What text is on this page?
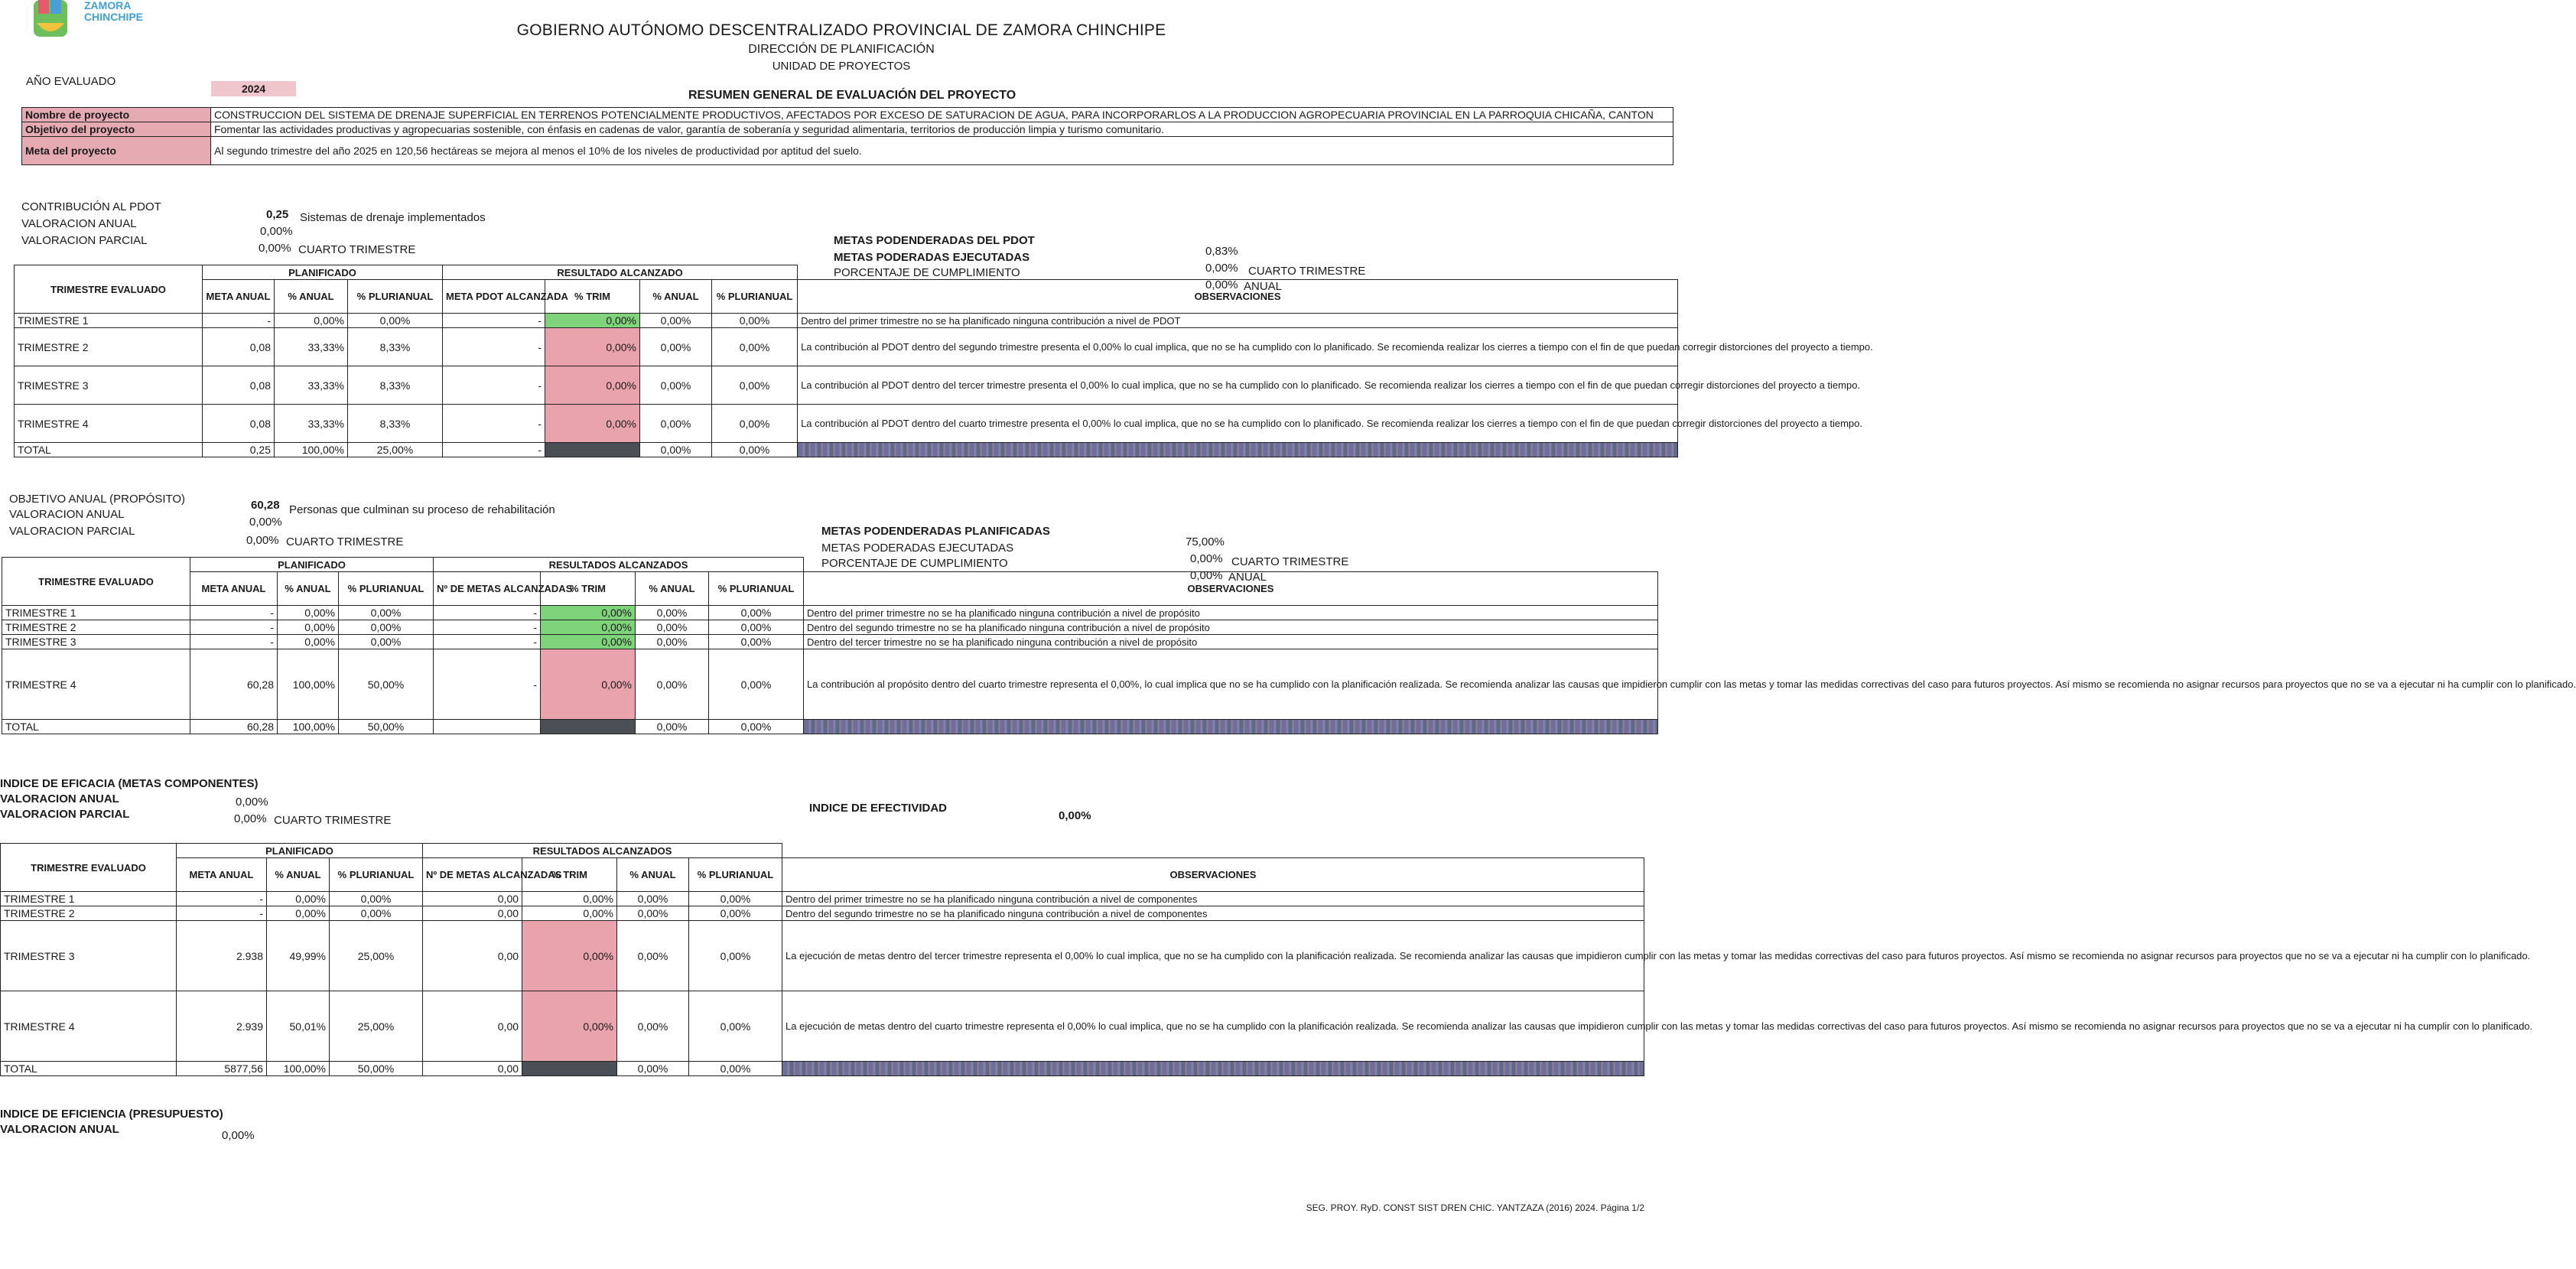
ZAMORA CHINCHIPE
GOBIERNO AUTÓNOMO DESCENTRALIZADO PROVINCIAL DE ZAMORA CHINCHIPE
DIRECCIÓN DE PLANIFICACIÓN
UNIDAD DE PROYECTOS
AÑO EVALUADO
2024	RESUMEN GENERAL DE EVALUACIÓN DEL PROYECTO
Nombre de proyecto	CONSTRUCCION DEL SISTEMA DE DRENAJE SUPERFICIAL EN TERRENOS POTENCIALMENTE PRODUCTIVOS, AFECTADOS POR EXCESO DE SATURACION DE AGUA, PARA INCORPORARLOS A LA PRODUCCION AGROPECUARIA PROVINCIAL EN LA PARROQUIA CHICAÑA, CANTON
Objetivo del proyecto	Fomentar las actividades productivas y agropecuarias sostenible, con énfasis en cadenas de valor, garantía de soberanía y seguridad alimentaria, territorios de producción limpia y turismo comunitario.
Meta del proyecto	Al segundo trimestre del año 2025 en 120,56 hectáreas se mejora al menos el 10% de los niveles de productividad por aptitud del suelo.
CONTRIBUCIÓN AL PDOT
VALORACION ANUAL
VALORACION PARCIAL
0,25 Sistemas de drenaje implementados
0,00%
0,00% CUARTO TRIMESTRE
METAS PODENDERADAS DEL PDOT
METAS PODERADAS EJECUTADAS
PORCENTAJE DE CUMPLIMIENTO
0,83%
0,00% CUARTO TRIMESTRE
0,00% ANUAL
TRIMESTRE EVALUADO	PLANIFICADO			RESULTADO ALCANZADO				
	META ANUAL	% ANUAL	% PLURIANUAL	META PDOT ALCANZADA	% TRIM	% ANUAL	% PLURIANUAL	OBSERVACIONES
TRIMESTRE 1	-	0,00%	0,00%	-	0,00%	0,00%	0,00%	Dentro del primer trimestre no se ha planificado ninguna contribución a nivel de PDOT
TRIMESTRE 2	0,08	33,33%	8,33%	-	0,00%	0,00%	0,00%	La contribución al PDOT dentro del segundo trimestre presenta el 0,00% lo cual implica, que no se ha cumplido con lo planificado. Se recomienda realizar los cierres a tiempo con el fin de que puedan corregir distorciones del proyecto a tiempo.
TRIMESTRE 3	0,08	33,33%	8,33%	-	0,00%	0,00%	0,00%	La contribución al PDOT dentro del tercer trimestre presenta el 0,00% lo cual implica, que no se ha cumplido con lo planificado. Se recomienda realizar los cierres a tiempo con el fin de que puedan corregir distorciones del proyecto a tiempo.
TRIMESTRE 4	0,08	33,33%	8,33%	-	0,00%	0,00%	0,00%	La contribución al PDOT dentro del cuarto trimestre presenta el 0,00% lo cual implica, que no se ha cumplido con lo planificado. Se recomienda realizar los cierres a tiempo con el fin de que puedan corregir distorciones del proyecto a tiempo.
TOTAL	0,25	100,00%	25,00%	-		0,00%	0,00%	
OBJETIVO ANUAL (PROPÓSITO)
VALORACION ANUAL
VALORACION PARCIAL
60,28 Personas que culminan su proceso de rehabilitación
0,00%
0,00% CUARTO TRIMESTRE
METAS PODENDERADAS PLANIFICADAS
METAS PODERADAS EJECUTADAS
PORCENTAJE DE CUMPLIMIENTO
75,00%
0,00% CUARTO TRIMESTRE
0,00% ANUAL
TRIMESTRE EVALUADO	PLANIFICADO			RESULTADOS ALCANZADOS				
	META ANUAL	% ANUAL	% PLURIANUAL	Nº DE METAS ALCANZADAS	% TRIM	% ANUAL	% PLURIANUAL	OBSERVACIONES
TRIMESTRE 1	-	0,00%	0,00%	-	0,00%	0,00%	0,00%	Dentro del primer trimestre no se ha planificado ninguna contribución a nivel de propósito
TRIMESTRE 2	-	0,00%	0,00%	-	0,00%	0,00%	0,00%	Dentro del segundo trimestre no se ha planificado ninguna contribución a nivel de propósito
TRIMESTRE 3	-	0,00%	0,00%	-	0,00%	0,00%	0,00%	Dentro del tercer trimestre no se ha planificado ninguna contribución a nivel de propósito
TRIMESTRE 4	60,28	100,00%	50,00%	-	0,00%	0,00%	0,00%	La contribución al propósito dentro del cuarto trimestre representa el 0,00%, lo cual implica que no se ha cumplido con la planificación realizada. Se recomienda analizar las causas que impidieron cumplir con las metas y tomar las medidas correctivas del caso para futuros proyectos. Así mismo se recomienda no asignar recursos para proyectos que no se va a ejecutar ni ha cumplir con lo planificado.
TOTAL	60,28	100,00%	50,00%			0,00%	0,00%	
INDICE DE EFICACIA (METAS COMPONENTES)
VALORACION ANUAL
VALORACION PARCIAL
0,00%
0,00% CUARTO TRIMESTRE
INDICE DE EFECTIVIDAD
0,00%
TRIMESTRE EVALUADO	PLANIFICADO			RESULTADOS ALCANZADOS				
	META ANUAL	% ANUAL	% PLURIANUAL	Nº DE METAS ALCANZADAS	% TRIM	% ANUAL	% PLURIANUAL	OBSERVACIONES
TRIMESTRE 1	-	0,00%	0,00%	0,00	0,00%	0,00%	0,00%	Dentro del primer trimestre no se ha planificado ninguna contribución a nivel de componentes
TRIMESTRE 2	-	0,00%	0,00%	0,00	0,00%	0,00%	0,00%	Dentro del segundo trimestre no se ha planificado ninguna contribución a nivel de componentes
TRIMESTRE 3	2.938	49,99%	25,00%	0,00	0,00%	0,00%	0,00%	La ejecución de metas dentro del tercer trimestre representa el 0,00% lo cual implica, que no se ha cumplido con la planificación realizada. Se recomienda analizar las causas que impidieron cumplir con las metas y tomar las medidas correctivas del caso para futuros proyectos. Así mismo se recomienda no asignar recursos para proyectos que no se va a ejecutar ni ha cumplir con lo planificado.
TRIMESTRE 4	2.939	50,01%	25,00%	0,00	0,00%	0,00%	0,00%	La ejecución de metas dentro del cuarto trimestre representa el 0,00% lo cual implica, que no se ha cumplido con la planificación realizada. Se recomienda analizar las causas que impidieron cumplir con las metas y tomar las medidas correctivas del caso para futuros proyectos. Así mismo se recomienda no asignar recursos para proyectos que no se va a ejecutar ni ha cumplir con lo planificado.
TOTAL	5877,56	100,00%	50,00%	0,00		0,00%	0,00%	
INDICE DE EFICIENCIA (PRESUPUESTO)
VALORACION ANUAL	0,00%
SEG. PROY. RyD. CONST SIST DREN CHIC. YANTZAZA (2016) 2024. Página 1/2
